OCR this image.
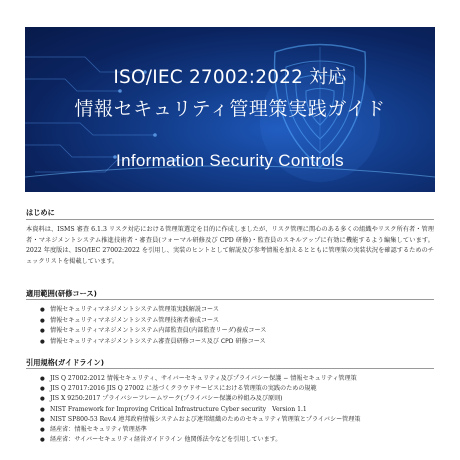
ISO/IEC 27002:2022 対応
情報セキュリティ管理策実践ガイド
Information Security Controls
はじめに
本資料は、ISMS 審査 6.1.3 リスク対応における管理策選定を目的に作成しましたが、リスク管理に関心のある多くの組織やリスク所有者・管理者・マネジメントシステム推進技術者・審査員(フォーマル研修及び CPD 研修)・監査員のスキルアップに有効に機能するよう編集しています。2022 年度版は、ISO/IEC 27002:2022 を引用し、実装のヒントとして解説及び参考情報を加えるとともに管理策の実装状況を確認するためのチェックリストを掲載しています。
適用範囲(研修コース)
● 情報セキュリティマネジメントシステム管理策実践解説コース
● 情報セキュリティマネジメントシステム管理技術者養成コース
● 情報セキュリティマネジメントシステム内部監査員(内部監査リーダ)養成コース
● 情報セキュリティマネジメントシステム審査員研修コース及び CPD 研修コース
引用規格(ガイドライン)
● JIS Q 27002:2012 情報セキュリティ、サイバーセキュリティ及びプライバシー保護 − 情報セキュリティ管理策
● JIS Q 27017:2016 JIS Q 27002 に基づくクラウドサービスにおける管理策の実践のための規範
● JIS X 9250:2017 プライバシーフレームワーク(プライバシー保護の枠組み及び原則)
● NIST Framework for Improving Critical Infrastructure Cyber security　Version 1.1
● NIST SP800-53 Rev.4 連邦政府情報システムおよび連邦組織のためのセキュリティ管理策とプライバシー管理策
● 経産省：情報セキュリティ管理基準
● 経産省：サイバーセキュリティ経営ガイドライン 他関係法令などを引用しています。
